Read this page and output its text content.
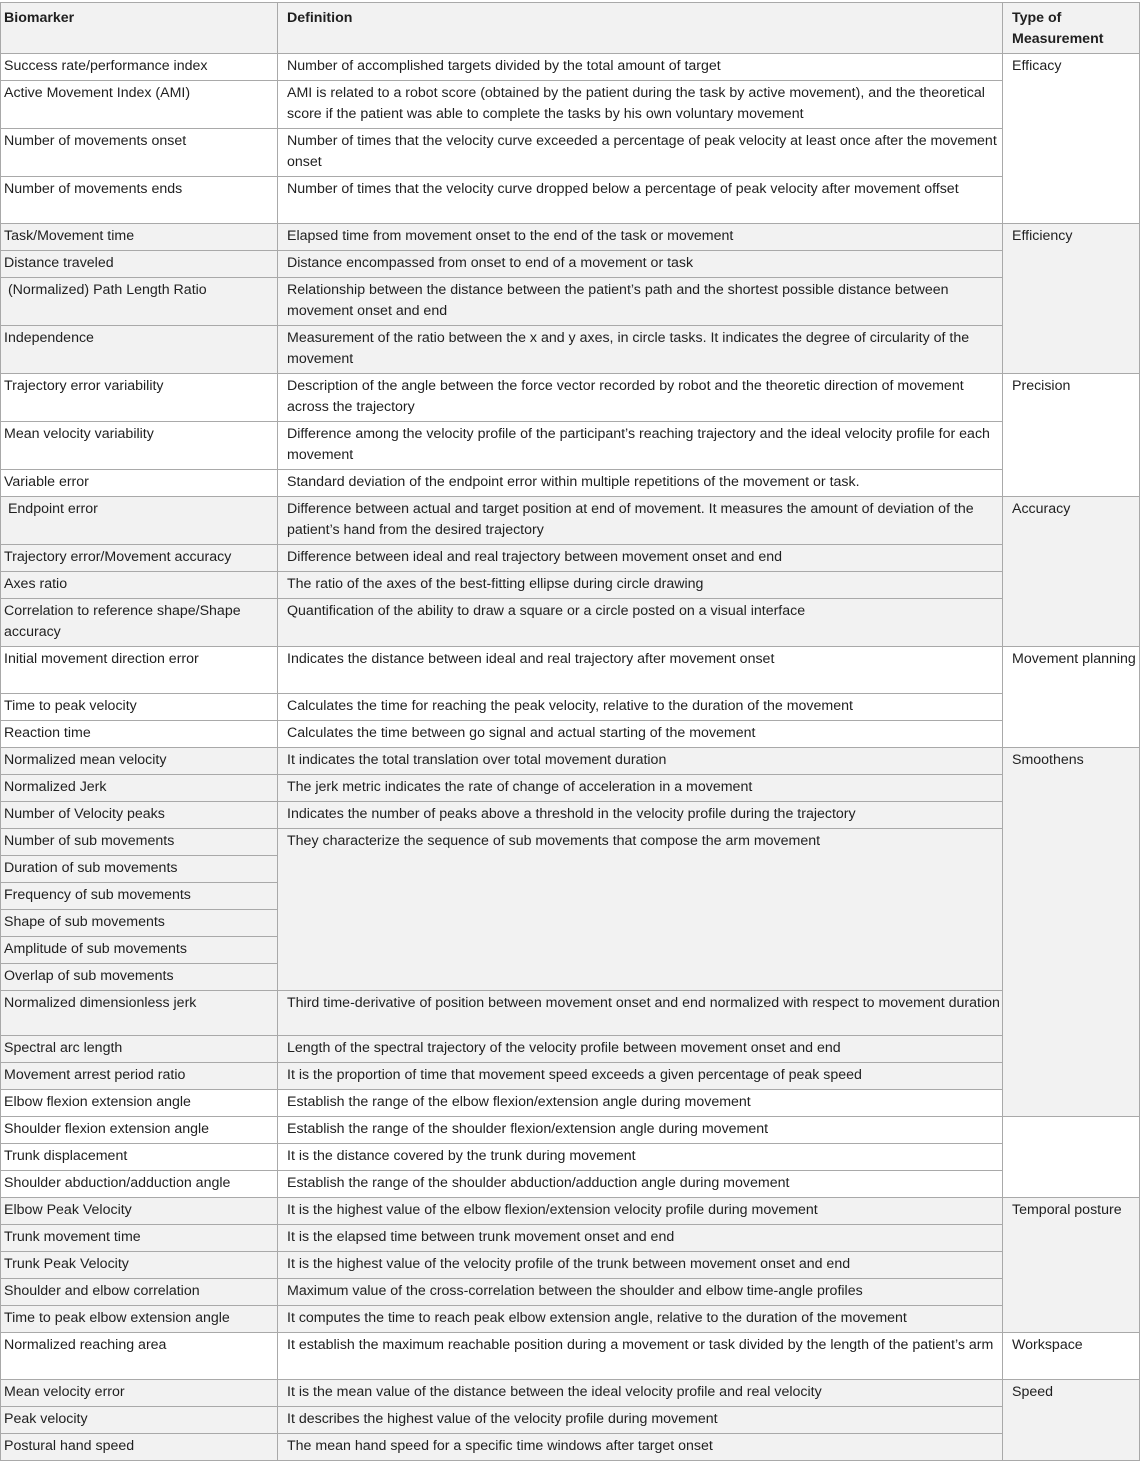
Biomarker	Definition	Type of Measurement	
Success rate/performance index	Number of accomplished targets divided by the total amount of target	Efficacy	
Active Movement Index (AMI)	AMI is related to a robot score (obtained by the patient during the task by active movement), and the theoretical score if the patient was able to complete the tasks by his own voluntary movement		
Number of movements onset	Number of times that the velocity curve exceeded a percentage of peak velocity at least once after the movement onset		
Number of movements ends	Number of times that the velocity curve dropped below a percentage of peak velocity after movement offset		
Task/Movement time	Elapsed time from movement onset to the end of the task or movement	Efficiency	
Distance traveled	Distance encompassed from onset to end of a movement or task		
(Normalized) Path Length Ratio	Relationship between the distance between the patient’s path and the shortest possible distance between movement onset and end		
Independence	Measurement of the ratio between the x and y axes, in circle tasks. It indicates the degree of circularity of the movement		
Trajectory error variability	Description of the angle between the force vector recorded by robot and the theoretic direction of movement across the trajectory	Precision	
Mean velocity variability	Difference among the velocity profile of the participant’s reaching trajectory and the ideal velocity profile for each movement		
Variable error	Standard deviation of the endpoint error within multiple repetitions of the movement or task.		
Endpoint error	Difference between actual and target position at end of movement. It measures the amount of deviation of the patient’s hand from the desired trajectory	Accuracy	
Trajectory error/Movement accuracy	Difference between ideal and real trajectory between movement onset and end		
Axes ratio	The ratio of the axes of the best-fitting ellipse during circle drawing		
Correlation to reference shape/Shape accuracy	Quantification of the ability to draw a square or a circle posted on a visual interface		
Initial movement direction error	Indicates the distance between ideal and real trajectory after movement onset	Movement planning	
Time to peak velocity	Calculates the time for reaching the peak velocity, relative to the duration of the movement		
Reaction time	Calculates the time between go signal and actual starting of the movement		
Normalized mean velocity	It indicates the total translation over total movement duration	Smoothens	
Normalized Jerk	The jerk metric indicates the rate of change of acceleration in a movement		
Number of Velocity peaks	Indicates the number of peaks above a threshold in the velocity profile during the trajectory		
Number of sub movements	They characterize the sequence of sub movements that compose the arm movement		
Duration of sub movements			
Frequency of sub movements			
Shape of sub movements			
Amplitude of sub movements			
Overlap of sub movements			
Normalized dimensionless jerk	Third time-derivative of position between movement onset and end normalized with respect to movement duration		
Spectral arc length	Length of the spectral trajectory of the velocity profile between movement onset and end		
Movement arrest period ratio	It is the proportion of time that movement speed exceeds a given percentage of peak speed		
Elbow flexion extension angle	Establish the range of the elbow flexion/extension angle during movement	
Shoulder flexion extension angle	Establish the range of the shoulder flexion/extension angle during movement		
Trunk displacement	It is the distance covered by the trunk during movement		
Shoulder abduction/adduction angle	Establish the range of the shoulder abduction/adduction angle during movement		
Elbow Peak Velocity	It is the highest value of the elbow flexion/extension velocity profile during movement	Temporal posture	
Trunk movement time	It is the elapsed time between trunk movement onset and end		
Trunk Peak Velocity	It is the highest value of the velocity profile of the trunk between movement onset and end		
Shoulder and elbow correlation	Maximum value of the cross-correlation between the shoulder and elbow time-angle profiles		
Time to peak elbow extension angle	It computes the time to reach peak elbow extension angle, relative to the duration of the movement		
Normalized reaching area	It establish the maximum reachable position during a movement or task divided by the length of the patient’s arm	Workspace	
Mean velocity error	It is the mean value of the distance between the ideal velocity profile and real velocity	Speed	
Peak velocity	It describes the highest value of the velocity profile during movement		
Postural hand speed	The mean hand speed for a specific time windows after target onset		
